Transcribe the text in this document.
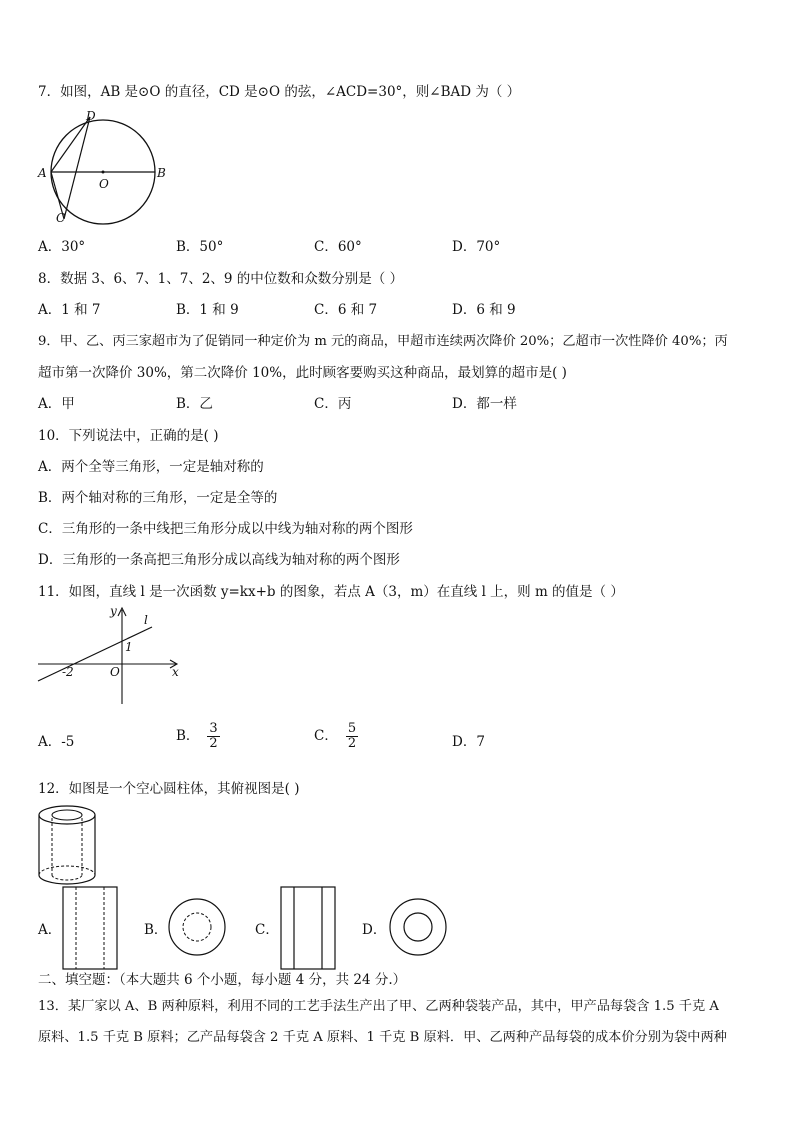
7．如图，AB 是⊙O 的直径，CD 是⊙O 的弦，∠ACD=30°，则∠BAD 为（ ）
D
A	B
O
C
A．30°	B．50°	C．60°	D．70°
8．数据 3、6、7、1、7、2、9 的中位数和众数分别是（ ）
A．1 和 7	B．1 和 9	C．6 和 7	D．6 和 9
9．甲、乙、丙三家超市为了促销同一种定价为 m 元的商品，甲超市连续两次降价 20%；乙超市一次性降价 40%；丙
超市第一次降价 30%，第二次降价 10%，此时顾客要购买这种商品，最划算的超市是( )
A．甲	B．乙	C．丙	D．都一样
10．下列说法中，正确的是( )
A．两个全等三角形，一定是轴对称的
B．两个轴对称的三角形，一定是全等的
C．三角形的一条中线把三角形分成以中线为轴对称的两个图形
D．三角形的一条高把三角形分成以高线为轴对称的两个图形
11．如图，直线 l 是一次函数 y=kx+b 的图象，若点 A（3，m）在直线 l 上，则 m 的值是（ ）
y
l
1
-2	O	x
A．-5	B． $\frac{3}{2}$	C． $\frac{5}{2}$	D．7
12．如图是一个空心圆柱体，其俯视图是( )
A．	B．	C．	D．
二、填空题：（本大题共 6 个小题，每小题 4 分，共 24 分.）
13．某厂家以 A、B 两种原料，利用不同的工艺手法生产出了甲、乙两种袋装产品，其中，甲产品每袋含 1.5 千克 A
原料、1.5 千克 B 原料；乙产品每袋含 2 千克 A 原料、1 千克 B 原料．甲、乙两种产品每袋的成本价分别为袋中两种
